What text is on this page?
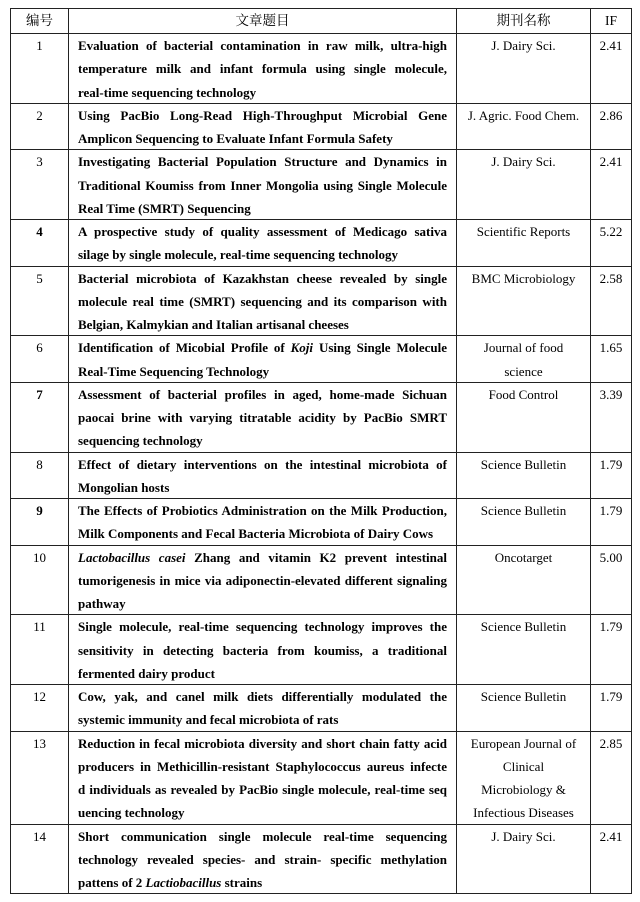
编号	文章题目	期刊名称	IF
1	Evaluation of bacterial contamination in raw milk, ultra-high
temperature milk and infant formula using single molecule,
real-time sequencing technology
J. Dairy Sci.	2.41
2	Using PacBio Long-Read High-Throughput Microbial Gene
Amplicon Sequencing to Evaluate Infant Formula Safety
J. Agric. Food Chem.	2.86
3	Investigating Bacterial Population Structure and Dynamics in
Traditional Koumiss from Inner Mongolia using Single Molecule
Real Time (SMRT) Sequencing
J. Dairy Sci.	2.41
4	A prospective study of quality assessment of Medicago sativa
silage by single molecule, real-time sequencing technology
Scientific Reports	5.22
5	Bacterial microbiota of Kazakhstan cheese revealed by single
molecule real time (SMRT) sequencing and its comparison with
Belgian, Kalmykian and Italian artisanal cheeses
BMC Microbiology	2.58
6	Identification of Micobial Profile of Koji Using Single Molecule
Real-Time Sequencing Technology
Journal of food science
1.65
7	Assessment of bacterial profiles in aged, home-made Sichuan
paocai brine with varying titratable acidity by PacBio SMRT
sequencing technology
Food Control	3.39
8	Effect of dietary interventions on the intestinal microbiota of
Mongolian hosts
Science Bulletin	1.79
9	The Effects of Probiotics Administration on the Milk Production,
Milk Components and Fecal Bacteria Microbiota of Dairy Cows
Science Bulletin	1.79
10	Lactobacillus casei Zhang and vitamin K2 prevent intestinal
tumorigenesis in mice via adiponectin-elevated different signaling
pathway
Oncotarget	5.00
11	Single molecule, real-time sequencing technology improves the
sensitivity in detecting bacteria from koumiss, a traditional
fermented dairy product
Science Bulletin	1.79
12	Cow, yak, and canel milk diets differentially modulated the
systemic immunity and fecal microbiota of rats
Science Bulletin	1.79
13	Reduction in fecal microbiota diversity and short chain fatty acid
producers in Methicillin-resistant Staphylococcus aureus infecte
d individuals as revealed by PacBio single molecule, real-time seq
uencing technology
European Journal of Clinical Microbiology & Infectious Diseases
2.85
14	Short communication single molecule real-time sequencing
technology revealed species- and strain- specific methylation
pattens of 2 Lactiobacillus strains
J. Dairy Sci.	2.41
